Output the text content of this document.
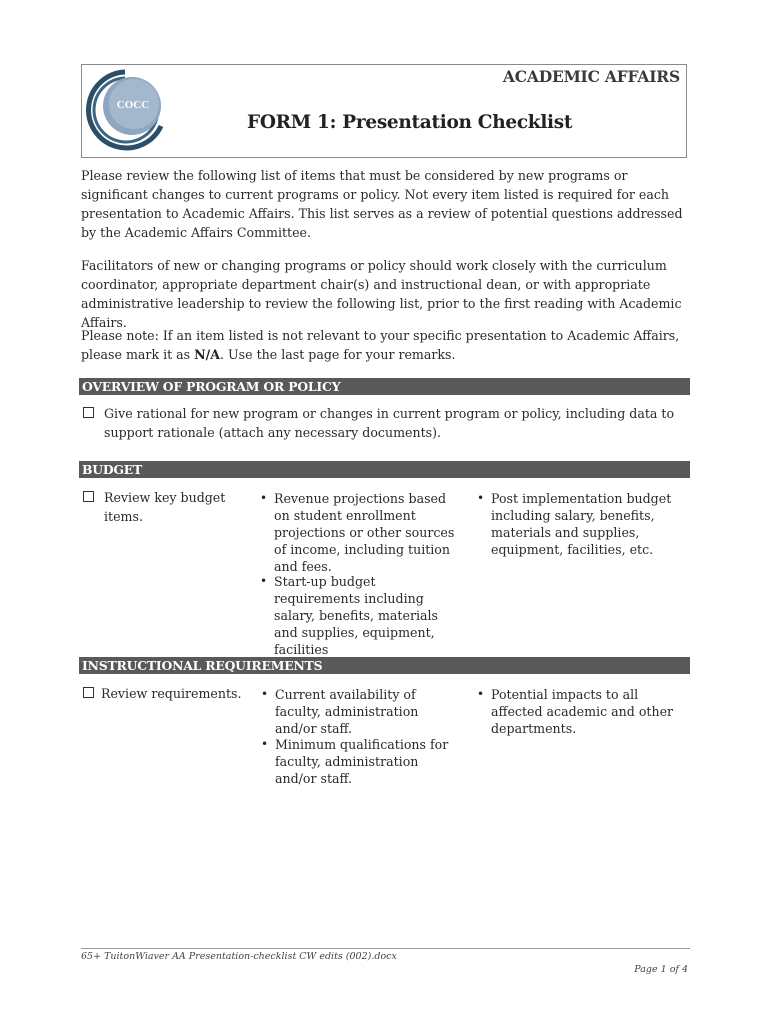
COCC
ACADEMIC AFFAIRS
FORM 1: Presentation Checklist

Please review the following list of items that must be considered by new programs or significant changes to current programs or policy. Not every item listed is required for each presentation to Academic Affairs. This list serves as a review of potential questions addressed by the Academic Affairs Committee.

Facilitators of new or changing programs or policy should work closely with the curriculum coordinator, appropriate department chair(s) and instructional dean, or with appropriate administrative leadership to review the following list, prior to the first reading with Academic Affairs.

Please note: If an item listed is not relevant to your specific presentation to Academic Affairs, please mark it as N/A. Use the last page for your remarks.

OVERVIEW OF PROGRAM OR POLICY
Give rational for new program or changes in current program or policy, including data to support rationale (attach any necessary documents).
BUDGET
Review key budget items.
• Revenue projections based on student enrollment projections or other sources of income, including tuition and fees.
• Post implementation budget including salary, benefits, materials and supplies, equipment, facilities, etc.
• Start-up budget requirements including salary, benefits, materials and supplies, equipment, facilities
INSTRUCTIONAL REQUIREMENTS
Review requirements.
•	Current availability of faculty, administration and/or staff.
• Potential impacts to all affected academic and other departments.
• Minimum qualifications for faculty, administration and/or staff.
65+ TuitonWiaver AA Presentation-checklist CW edits (002).docx
Page 1 of 4
